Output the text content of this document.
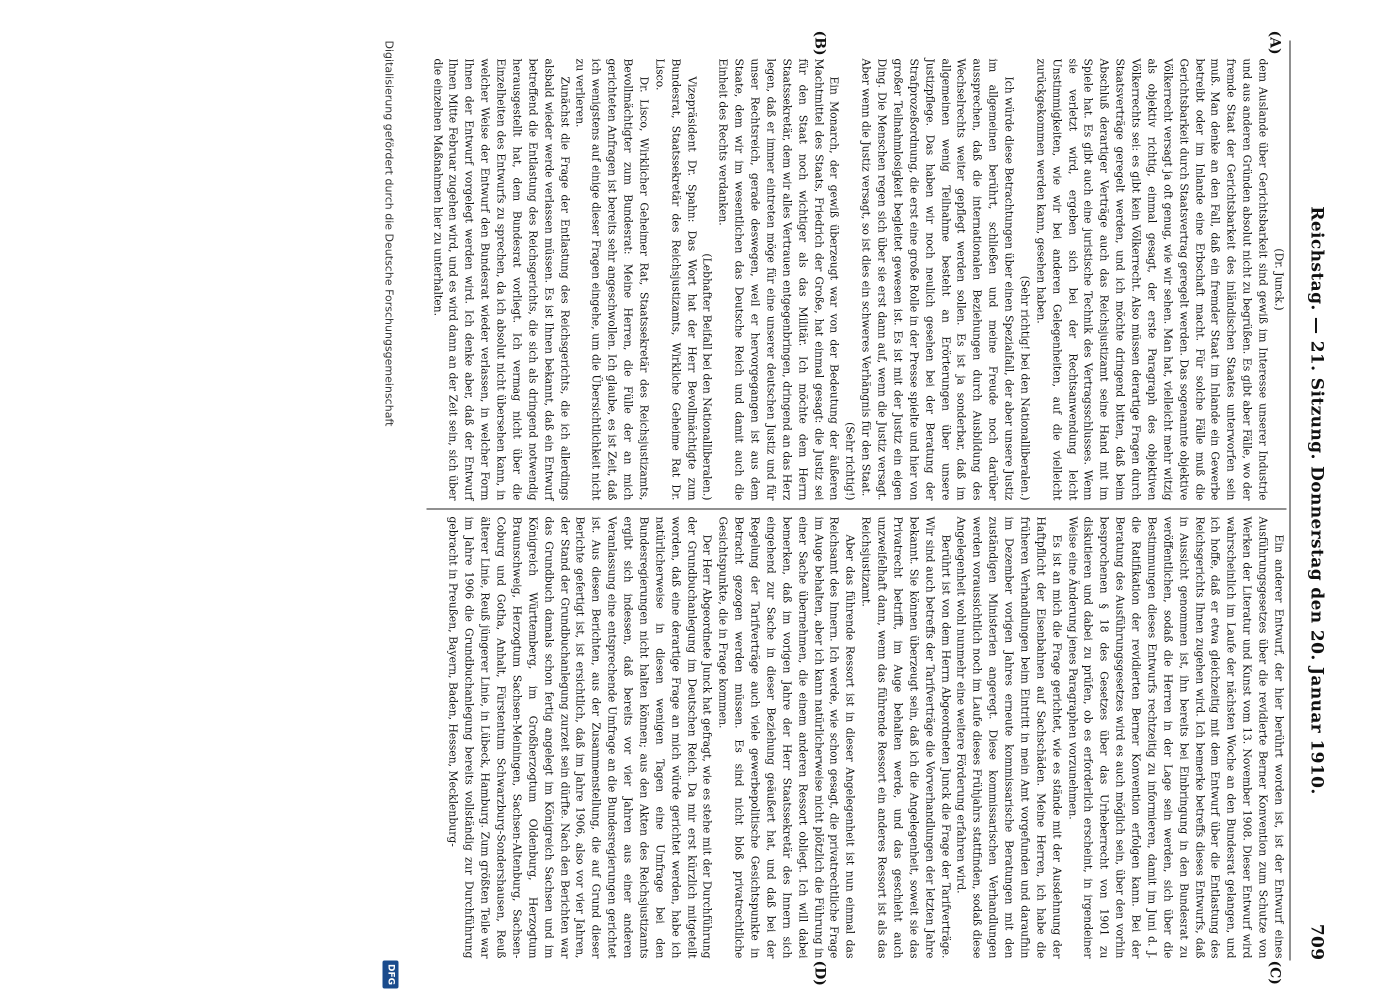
Reichstag. — 21. Sitzung. Donnerstag den 20. Januar 1910.
709
(A)
(B)
(C)
(D)

(Dr. Junck.)

dem Auslande über Gerichtsbarkeit sind gewiß im Interesse unserer Industrie und aus anderen Gründen absolut nicht zu begrüßen. Es gibt aber Fälle, wo der fremde Staat der Gerichtsbarkeit des inländischen Staates unterworfen sein muß. Man denke an den Fall, daß ein fremder Staat im Inlande ein Gewerbe betreibt oder im Inlande eine Erbschaft macht. Für solche Fälle muß die Gerichtsbarkeit durch Staatsvertrag geregelt werden. Das sogenannte objektive Völkerrecht versagt ja oft genug, wie wir sehen. Man hat, vielleicht mehr witzig als objektiv richtig, einmal gesagt, der erste Paragraph des objektiven Völkerrechts sei: es gibt kein Völkerrecht. Also müssen derartige Fragen durch Staatsverträge geregelt werden, und ich möchte dringend bitten, daß beim Abschluß derartiger Verträge auch das Reichsjustizamt seine Hand mit im Spiele hat. Es gibt auch eine juristische Technik des Vertragsschlusses. Wenn sie verletzt wird, ergeben sich bei der Rechtsanwendung leicht Unstimmigkeiten, wie wir bei anderen Gelegenheiten, auf die vielleicht zurückgekommen werden kann, gesehen haben.

(Sehr richtig! bei den Nationalliberalen.)

Ich würde diese Betrachtungen über einen Spezialfall, der aber unsere Justiz im allgemeinen berührt, schließen und meine Freude noch darüber aussprechen, daß die internationalen Beziehungen durch Ausbildung des Wechselrechts weiter gepflegt werden sollen. Es ist ja sonderbar, daß im allgemeinen wenig Teilnahme besteht an Erörterungen über unsere Justizpflege. Das haben wir noch neulich gesehen bei der Beratung der Strafprozeßordnung, die erst eine große Rolle in der Presse spielte und hier von großer Teilnahmlosigkeit begleitet gewesen ist. Es ist mit der Justiz ein eigen Ding. Die Menschen regen sich über sie erst dann auf, wenn die Justiz versagt. Aber wenn die Justiz versagt, so ist dies ein schweres Verhängnis für den Staat.

(Sehr richtig!)

Ein Monarch, der gewiß überzeugt war von der Bedeutung der äußeren Machtmittel des Staats, Friedrich der Große, hat einmal gesagt: die Justiz sei für den Staat noch wichtiger als das Militär. Ich möchte dem Herrn Staatssekretär, dem wir alles Vertrauen entgegenbringen, dringend an das Herz legen, daß er immer eintreten möge für eine unserer deutschen Justiz und für unser Rechtsreich, gerade deswegen, weil er hervorgegangen ist aus dem Staate, dem wir im wesentlichen das Deutsche Reich und damit auch die Einheit des Rechts verdanken.

(Lebhafter Beifall bei den Nationalliberalen.)

Vizepräsident Dr. Spahn: Das Wort hat der Herr Bevollmächtigte zum Bundesrat, Staatssekretär des Reichsjustizamts, Wirkliche Geheime Rat Dr. Lisco.

Dr. Lisco, Wirklicher Geheimer Rat, Staatssekretär des Reichsjustizamts, Bevollmächtigter zum Bundesrat: Meine Herren, die Fülle der an mich gerichteten Anfragen ist bereits sehr angeschwollen. Ich glaube, es ist Zeit, daß ich wenigstens auf einige dieser Fragen eingehe, um die Übersichtlichkeit nicht zu verlieren.

Zunächst die Frage der Entlastung des Reichsgerichts, die ich allerdings alsbald wieder werde verlassen müssen. Es ist Ihnen bekannt, daß ein Entwurf betreffend die Entlastung des Reichsgerichts, die sich als dringend notwendig herausgestellt hat, dem Bundesrat vorliegt. Ich vermag nicht über die Einzelheiten des Entwurfs zu sprechen, da ich absolut nicht übersehen kann, in welcher Weise der Entwurf den Bundesrat wieder verlassen, in welcher Form Ihnen der Entwurf vorgelegt werden wird. Ich denke aber, daß der Entwurf Ihnen Mitte Februar zugehen wird, und es wird dann an der Zeit sein, sich über die einzelnen Maßnahmen hier zu unterhalten.

Ein anderer Entwurf, der hier berührt worden ist, ist der Entwurf eines Ausführungsgesetzes über die revidierte Berner Konvention zum Schutze von Werken der Literatur und Kunst vom 13. November 1908. Dieser Entwurf wird wahrscheinlich im Laufe der nächsten Woche an den Bundesrat gelangen, und ich hoffe, daß er etwa gleichzeitig mit dem Entwurf über die Entlastung des Reichsgerichts Ihnen zugehen wird. Ich bemerke betreffs dieses Entwurfs, daß in Aussicht genommen ist, ihn bereits bei Einbringung in den Bundesrat zu veröffentlichen, sodaß die Herren in der Lage sein werden, sich über die Bestimmungen dieses Entwurfs rechtzeitig zu informieren, damit im Juni d. J. die Ratifikation der revidierten Berner Konvention erfolgen kann. Bei der Beratung des Ausführungsgesetzes wird es auch möglich sein, über den vorhin besprochenen § 18 des Gesetzes über das Urheberrecht von 1901 zu diskutieren und dabei zu prüfen, ob es erforderlich erscheint, in irgendeiner Weise eine Änderung jenes Paragraphen vorzunehmen.

Es ist an mich die Frage gerichtet, wie es stände mit der Ausdehnung der Haftpflicht der Eisenbahnen auf Sachschäden. Meine Herren, ich habe die früheren Verhandlungen beim Eintritt in mein Amt vorgefunden und daraufhin im Dezember vorigen Jahres erneute kommissarische Beratungen mit den zuständigen Ministerien angeregt. Diese kommissarischen Verhandlungen werden voraussichtlich noch im Laufe dieses Frühjahrs stattfinden, sodaß diese Angelegenheit wohl nunmehr eine weitere Förderung erfahren wird.

Berührt ist von dem Herrn Abgeordneten Junck die Frage der Tarifverträge. Wir sind auch betreffs der Tarifverträge die Vorverhandlungen der letzten Jahre bekannt. Sie können überzeugt sein, daß ich die Angelegenheit, soweit sie das Privatrecht betrifft, im Auge behalten werde, und das geschieht auch unzweifelhaft dann, wenn das führende Ressort ein anderes Ressort ist als das Reichsjustizamt.

Aber das führende Ressort ist in dieser Angelegenheit ist nun einmal das Reichsamt des Innern. Ich werde, wie schon gesagt, die privatrechtliche Frage im Auge behalten, aber ich kann natürlicherweise nicht plötzlich die Führung in einer Sache übernehmen, die einem anderen Ressort obliegt. Ich will dabei bemerken, daß im vorigen Jahre der Herr Staatssekretär des Innern sich eingehend zur Sache in dieser Beziehung geäußert hat, und daß bei der Regelung der Tarifverträge auch viele gewerbepolitische Gesichtspunkte in Betracht gezogen werden müssen. Es sind nicht bloß privatrechtliche Gesichtspunkte, die in Frage kommen.

Der Herr Abgeordnete Junck hat gefragt, wie es stehe mit der Durchführung der Grundbuchanlegung im Deutschen Reich. Da mir erst kürzlich mitgeteilt worden, daß eine derartige Frage an mich würde gerichtet werden, habe ich natürlicherweise in diesen wenigen Tagen eine Umfrage bei den Bundesregierungen nicht halten können; aus den Akten des Reichsjustizamts ergibt sich indessen, daß bereits vor vier Jahren aus einer anderen Veranlassung eine entsprechende Umfrage an die Bundesregierungen gerichtet ist. Aus diesen Berichten, aus der Zusammenstellung, die auf Grund dieser Berichte gefertigt ist, ist ersichtlich, daß im Jahre 1906, also vor vier Jahren, der Stand der Grundbuchanlegung zurzeit sein dürfte. Nach den Berichten war das Grundbuch damals schon fertig angelegt im Königreich Sachsen und im Königreich Württemberg, im Großherzogtum Oldenburg, Herzogtum Braunschweig, Herzogtum Sachsen-Meiningen, Sachsen-Altenburg, Sachsen-Coburg und Gotha, Anhalt, Fürstentum Schwarzburg-Sondershausen, Reuß älterer Linie, Reuß jüngerer Linie, in Lübeck, Hamburg. Zum größten Teile war im Jahre 1906 die Grundbuchanlegung bereits vollständig zur Durchführung gebracht in Preußen, Bayern, Baden, Hessen, Mecklenburg-

Digitalisierung gefördert durch die Deutsche Forschungsgemeinschaft
DFG
